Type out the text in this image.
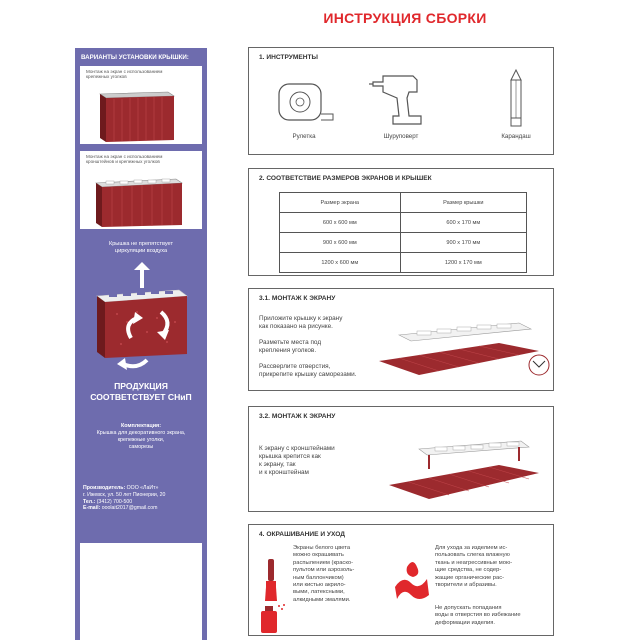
ИНСТРУКЦИЯ СБОРКИ
ВАРИАНТЫ УСТАНОВКИ КРЫШКИ:
Монтаж на экран с использованием
крепежных уголков
Монтаж на экран с использованием
кронштейнов и крепежных уголков
Крышка не препятствует
циркуляции воздуха
ПРОДУКЦИЯ
СООТВЕТСТВУЕТ СНиП
Комплектация:
Крышка для декоративного экрана,
крепежные уголки,
саморезы
Производитель: ООО «ЛаИт»
г. Ижевск, ул. 50 лет Пионерии, 20
Тел.: (3412) 700-500
E-mail: ooolait2017@gmail.com
1. ИНСТРУМЕНТЫ
Рулетка	Шуруповерт	Карандаш
2. СООТВЕТСТВИЕ РАЗМЕРОВ ЭКРАНОВ И КРЫШЕК
Размер экрана	Размер крышки
600 х 600 мм	600 х 170 мм
900 х 600 мм	900 х 170 мм
1200 х 600 мм	1200 х 170 мм
3.1. МОНТАЖ К ЭКРАНУ
Приложите крышку к экрану
как показано на рисунке.
Разметьте места под
крепления уголков.
Рассверлите отверстия,
прикрепите крышку саморезами.
3.2. МОНТАЖ К ЭКРАНУ
К экрану с кронштейнами
крышка крепится как
к экрану, так
и к кронштейнам
4. ОКРАШИВАНИЕ И УХОД
Экраны белого цвета
можно окрашивать
распылением (краско-
пультом или аэрозоль-
ным баллончиком)
или кистью акрило-
выми, латексными,
алкидными эмалями.
Для ухода за изделием ис-
пользовать слегка влажную
ткань и неагрессивные мою-
щие средства, не содер-
жащие органические рас-
творители и абразивы.
Не допускать попадания
воды в отверстия во избежание
деформации изделия.
